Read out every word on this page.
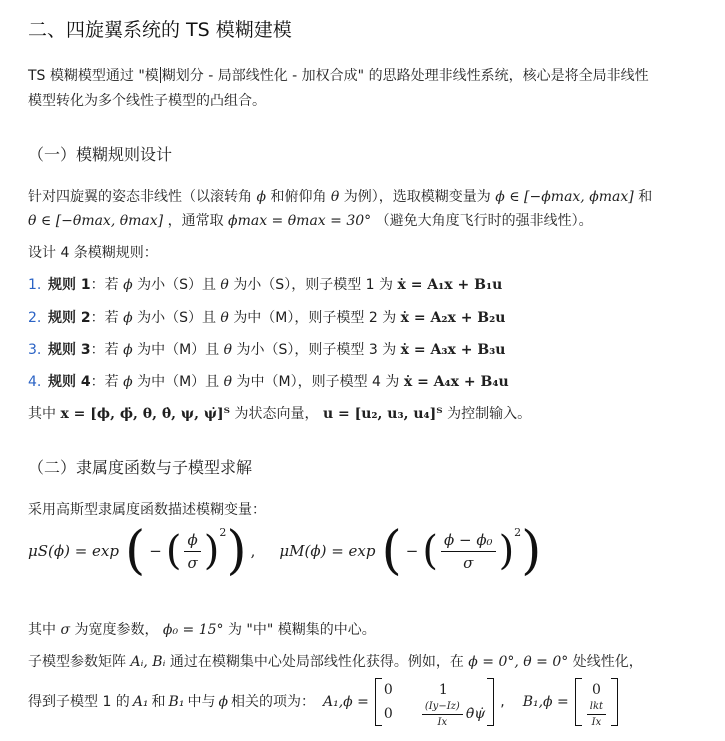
二、四旋翼系统的 TS 模糊建模
TS 模糊模型通过 "模 糊划分 - 局部线性化 - 加权合成" 的思路处理非线性系统，核心是将全局非线性
模型转化为多个线性子模型的凸组合。
（一）模糊规则设计
针对四旋翼的姿态非线性（以滚转角 ϕ 和俯仰角 θ 为例），选取模糊变量为 ϕ ∈ [−ϕmax, ϕmax] 和
θ ∈ [−θmax, θmax] ，通常取 ϕmax = θmax = 30° （避免大角度飞行时的强非线性）。
设计 4 条模糊规则：
1. 规则 1：若 ϕ 为小（S）且 θ 为小（S），则子模型 1 为 ẋ = A₁x + B₁u
2. 规则 2：若 ϕ 为小（S）且 θ 为中（M），则子模型 2 为 ẋ = A₂x + B₂u
3. 规则 3：若 ϕ 为中（M）且 θ 为小（S），则子模型 3 为 ẋ = A₃x + B₃u
4. 规则 4：若 ϕ 为中（M）且 θ 为中（M），则子模型 4 为 ẋ = A₄x + B₄u
其中 x = [ϕ, ϕ̇, θ, θ̇, ψ, ψ̇]ᵀ 为状态向量， u = [u₂, u₃, u₄]ᵀ 为控制输入。
（二）隶属度函数与子模型求解
采用高斯型隶属度函数描述模糊变量：
μS(ϕ) = exp ( − ( $\frac{\phi}{\sigma} )^2$ ) , μM(ϕ) = exp ( − ( $\frac{\text{ϕ − ϕ₀}}{\sigma} )^2$ )
其中 σ 为宽度参数， ϕ₀ = 15° 为 "中" 模糊集的中心。
子模型参数矩阵 Aᵢ, Bᵢ 通过在模糊集中心处局部线性化获得。例如，在 ϕ = 0°, θ = 0° 处线性化，
得到子模型 1 的 A₁ 和 B₁ 中与 ϕ 相关的项为： A₁,ϕ =
0	1
0	$\frac{(Iy-Iz)}{Ix}$ θ̇ψ̇
, B₁,ϕ =
0
$\frac{\text{lkt}}{Ix}$
